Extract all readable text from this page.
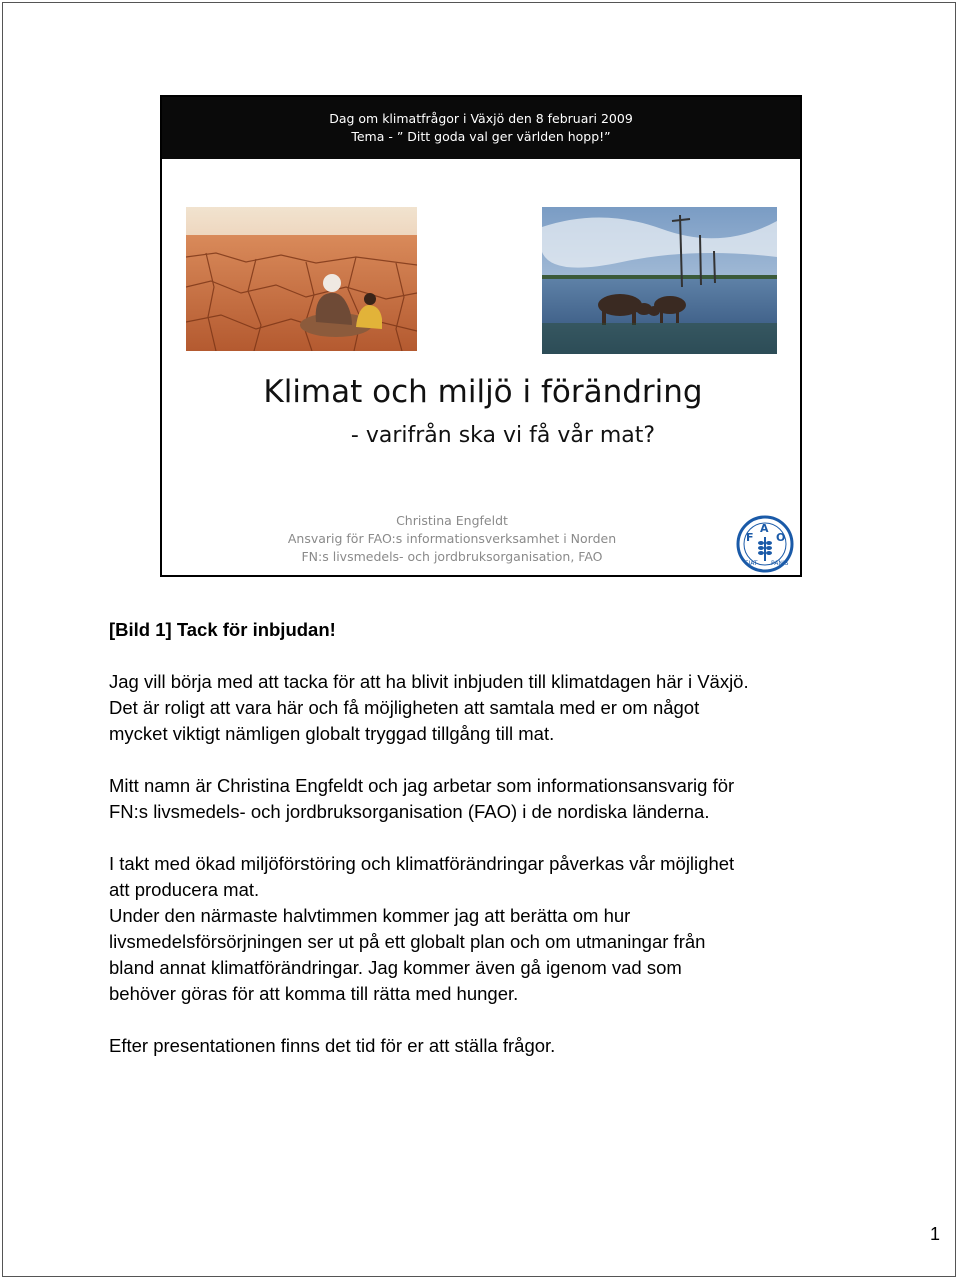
Dag om klimatfrågor i Växjö den 8 februari 2009
Tema - ” Ditt goda val ger världen hopp!”
Klimat och miljö i förändring
- varifrån ska vi få vår mat?
Christina Engfeldt
Ansvarig för FAO:s informationsverksamhet i Norden
FN:s livsmedels- och jordbruksorganisation, FAO
F
A
O
FIAT PANIS

[Bild 1] Tack för inbjudan!

Jag vill börja med att tacka för att ha blivit inbjuden till klimatdagen här i Växjö.

Det är roligt att vara här och få möjligheten att samtala med er om något

mycket viktigt nämligen globalt tryggad tillgång till mat.

Mitt namn är Christina Engfeldt och jag arbetar som informationsansvarig för

FN:s livsmedels- och jordbruksorganisation (FAO) i de nordiska länderna.

I takt med ökad miljöförstöring och klimatförändringar påverkas vår möjlighet

att producera mat.

Under den närmaste halvtimmen kommer jag att berätta om hur

livsmedelsförsörjningen ser ut på ett globalt plan och om utmaningar från

bland annat klimatförändringar. Jag kommer även gå igenom vad som

behöver göras för att komma till rätta med hunger.

Efter presentationen finns det tid för er att ställa frågor.

1
